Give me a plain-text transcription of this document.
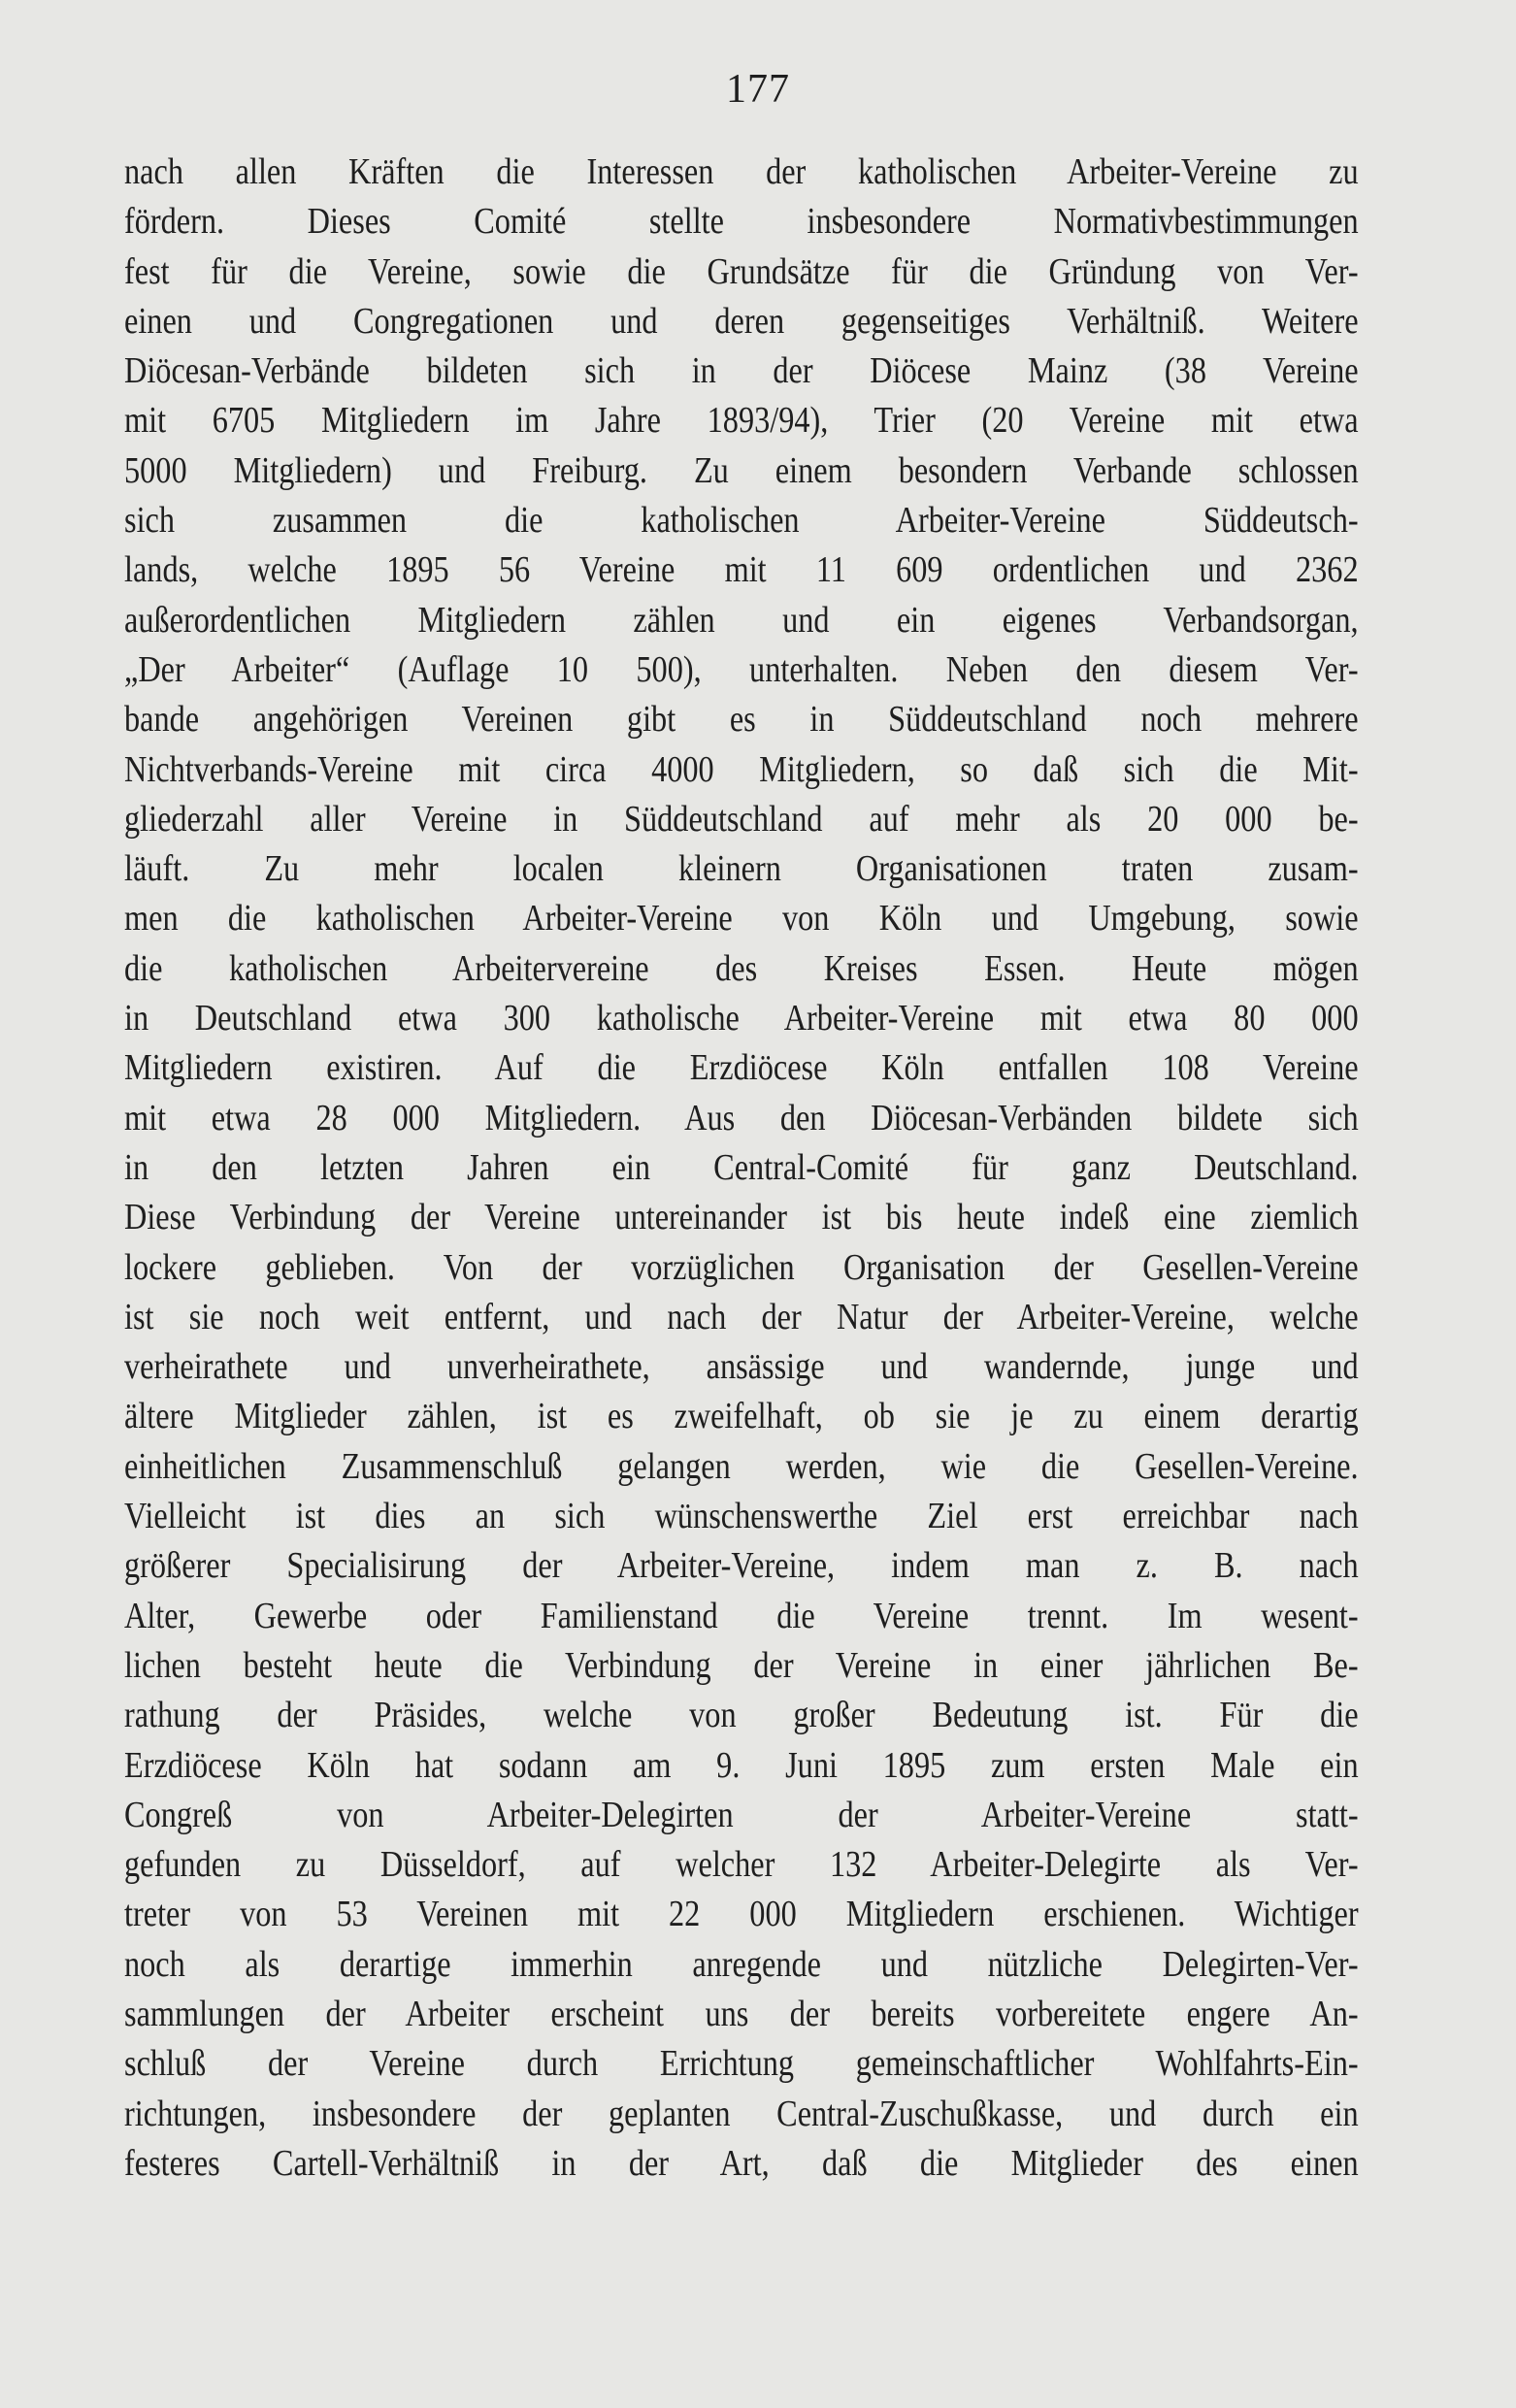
177
nach allen Kräften die Interessen der katholischen Arbeiter-Vereine zu
fördern. Dieses Comité stellte insbesondere Normativbestimmungen
fest für die Vereine, sowie die Grundsätze für die Gründung von Ver-
einen und Congregationen und deren gegenseitiges Verhältniß. Weitere
Diöcesan-Verbände bildeten sich in der Diöcese Mainz (38 Vereine
mit 6705 Mitgliedern im Jahre 1893/94), Trier (20 Vereine mit etwa
5000 Mitgliedern) und Freiburg. Zu einem besondern Verbande schlossen
sich zusammen die katholischen Arbeiter-Vereine Süddeutsch-
lands, welche 1895 56 Vereine mit 11 609 ordentlichen und 2362
außerordentlichen Mitgliedern zählen und ein eigenes Verbandsorgan,
„Der Arbeiter“ (Auflage 10 500), unterhalten. Neben den diesem Ver-
bande angehörigen Vereinen gibt es in Süddeutschland noch mehrere
Nichtverbands-Vereine mit circa 4000 Mitgliedern, so daß sich die Mit-
gliederzahl aller Vereine in Süddeutschland auf mehr als 20 000 be-
läuft. Zu mehr localen kleinern Organisationen traten zusam-
men die katholischen Arbeiter-Vereine von Köln und Umgebung, sowie
die katholischen Arbeitervereine des Kreises Essen. Heute mögen
in Deutschland etwa 300 katholische Arbeiter-Vereine mit etwa 80 000
Mitgliedern existiren. Auf die Erzdiöcese Köln entfallen 108 Vereine
mit etwa 28 000 Mitgliedern. Aus den Diöcesan-Verbänden bildete sich
in den letzten Jahren ein Central-Comité für ganz Deutschland.
Diese Verbindung der Vereine untereinander ist bis heute indeß eine ziemlich
lockere geblieben. Von der vorzüglichen Organisation der Gesellen-Vereine
ist sie noch weit entfernt, und nach der Natur der Arbeiter-Vereine, welche
verheirathete und unverheirathete, ansässige und wandernde, junge und
ältere Mitglieder zählen, ist es zweifelhaft, ob sie je zu einem derartig
einheitlichen Zusammenschluß gelangen werden, wie die Gesellen-Vereine.
Vielleicht ist dies an sich wünschenswerthe Ziel erst erreichbar nach
größerer Specialisirung der Arbeiter-Vereine, indem man z. B. nach
Alter, Gewerbe oder Familienstand die Vereine trennt. Im wesent-
lichen besteht heute die Verbindung der Vereine in einer jährlichen Be-
rathung der Präsides, welche von großer Bedeutung ist. Für die
Erzdiöcese Köln hat sodann am 9. Juni 1895 zum ersten Male ein
Congreß von Arbeiter-Delegirten der Arbeiter-Vereine statt-
gefunden zu Düsseldorf, auf welcher 132 Arbeiter-Delegirte als Ver-
treter von 53 Vereinen mit 22 000 Mitgliedern erschienen. Wichtiger
noch als derartige immerhin anregende und nützliche Delegirten-Ver-
sammlungen der Arbeiter erscheint uns der bereits vorbereitete engere An-
schluß der Vereine durch Errichtung gemeinschaftlicher Wohlfahrts-Ein-
richtungen, insbesondere der geplanten Central-Zuschußkasse, und durch ein
festeres Cartell-Verhältniß in der Art, daß die Mitglieder des einen
